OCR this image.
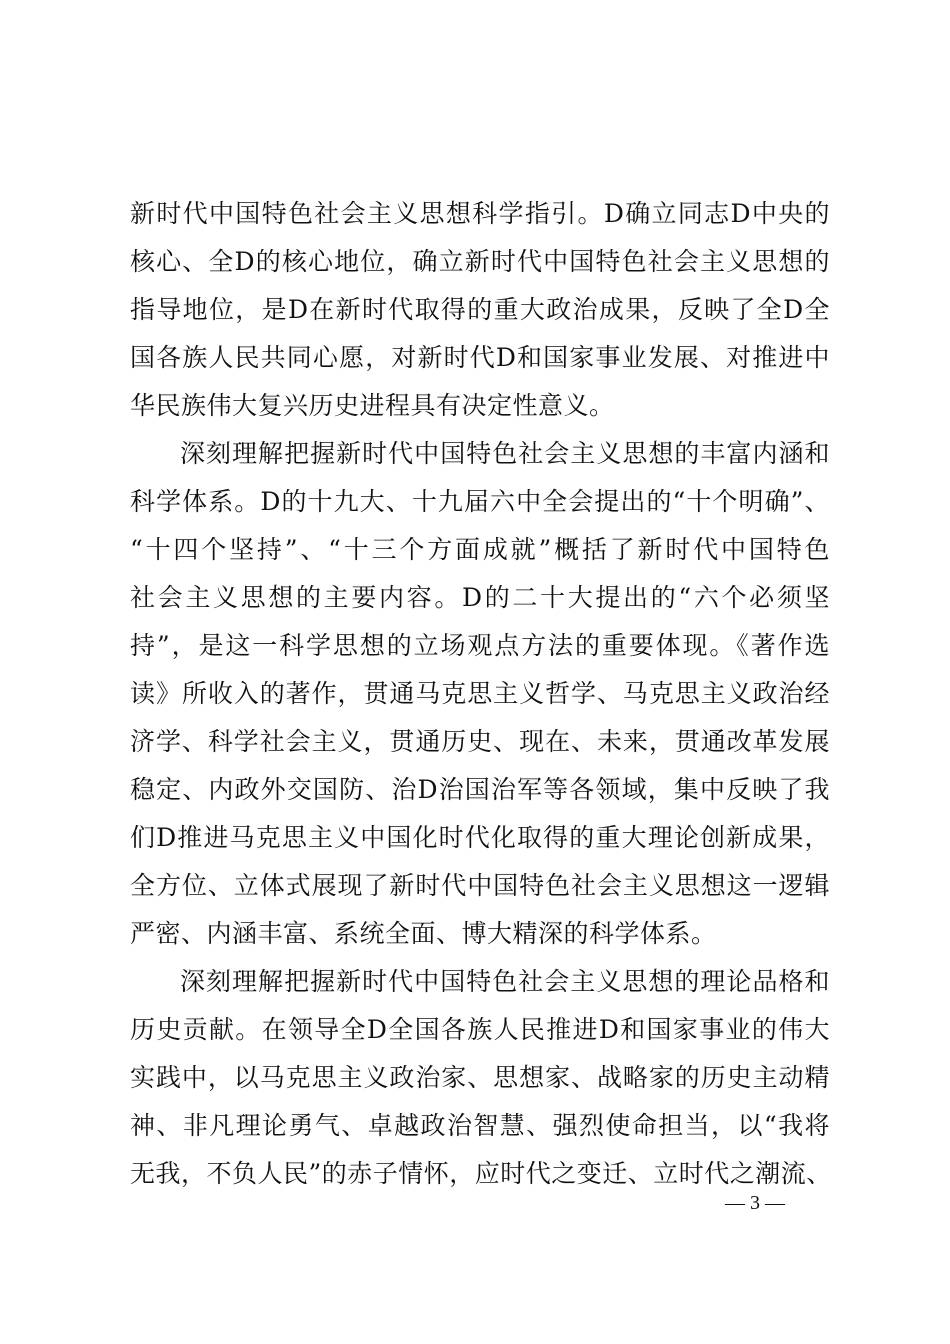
新时代中国特色社会主义思想科学指引。D确立同志D中央的
核心、全D的核心地位，确立新时代中国特色社会主义思想的
指导地位，是D在新时代取得的重大政治成果，反映了全D全
国各族人民共同心愿，对新时代D和国家事业发展、对推进中
华民族伟大复兴历史进程具有决定性意义。
深刻理解把握新时代中国特色社会主义思想的丰富内涵和
科学体系。D的十九大、十九届六中全会提出的“十个明确”、
“十四个坚持”、“十三个方面成就”概括了新时代中国特色
社会主义思想的主要内容。D的二十大提出的“六个必须坚
持”，是这一科学思想的立场观点方法的重要体现。《著作选
读》所收入的著作，贯通马克思主义哲学、马克思主义政治经
济学、科学社会主义，贯通历史、现在、未来，贯通改革发展
稳定、内政外交国防、治D治国治军等各领域，集中反映了我
们D推进马克思主义中国化时代化取得的重大理论创新成果，
全方位、立体式展现了新时代中国特色社会主义思想这一逻辑
严密、内涵丰富、系统全面、博大精深的科学体系。
深刻理解把握新时代中国特色社会主义思想的理论品格和
历史贡献。在领导全D全国各族人民推进D和国家事业的伟大
实践中，以马克思主义政治家、思想家、战略家的历史主动精
神、非凡理论勇气、卓越政治智慧、强烈使命担当，以“我将
无我，不负人民”的赤子情怀，应时代之变迁、立时代之潮流、
— 3 —
